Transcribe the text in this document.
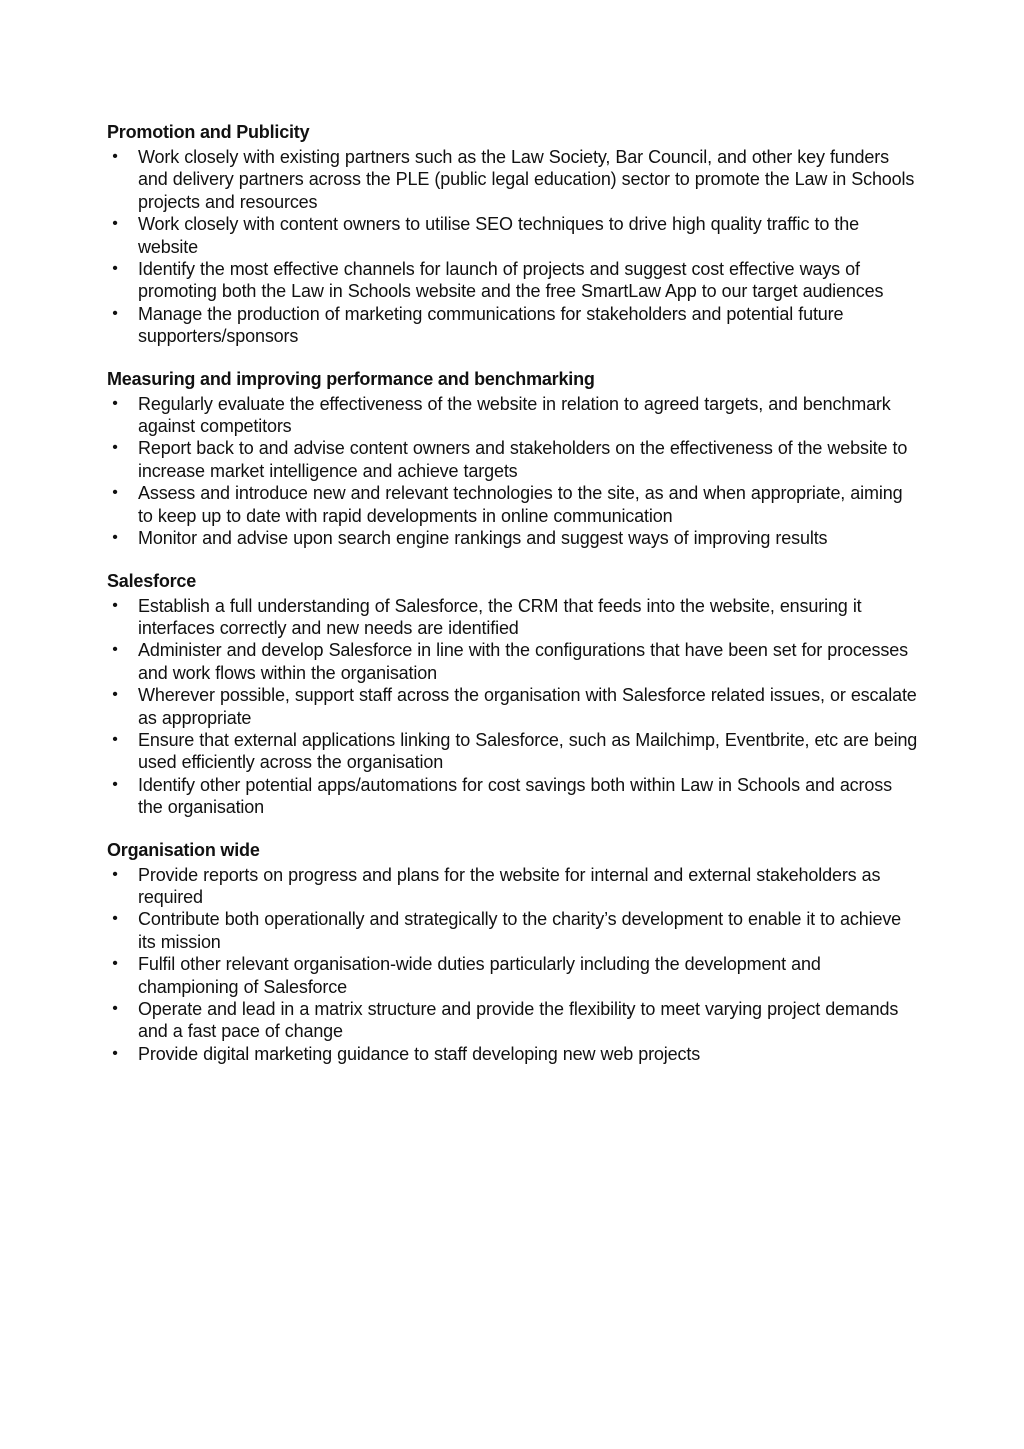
Promotion and Publicity
• Work closely with existing partners such as the Law Society, Bar Council, and other key funders and delivery partners across the PLE (public legal education) sector to promote the Law in Schools projects and resources
• Work closely with content owners to utilise SEO techniques to drive high quality traffic to the website
• Identify the most effective channels for launch of projects and suggest cost effective ways of promoting both the Law in Schools website and the free SmartLaw App to our target audiences
• Manage the production of marketing communications for stakeholders and potential future supporters/sponsors
Measuring and improving performance and benchmarking
• Regularly evaluate the effectiveness of the website in relation to agreed targets, and benchmark against competitors
• Report back to and advise content owners and stakeholders on the effectiveness of the website to increase market intelligence and achieve targets
• Assess and introduce new and relevant technologies to the site, as and when appropriate, aiming to keep up to date with rapid developments in online communication
• Monitor and advise upon search engine rankings and suggest ways of improving results
Salesforce
• Establish a full understanding of Salesforce, the CRM that feeds into the website, ensuring it interfaces correctly and new needs are identified
• Administer and develop Salesforce in line with the configurations that have been set for processes and work flows within the organisation
• Wherever possible, support staff across the organisation with Salesforce related issues, or escalate as appropriate
• Ensure that external applications linking to Salesforce, such as Mailchimp, Eventbrite, etc are being used efficiently across the organisation
• Identify other potential apps/automations for cost savings both within Law in Schools and across the organisation
Organisation wide
• Provide reports on progress and plans for the website for internal and external stakeholders as required
• Contribute both operationally and strategically to the charity’s development to enable it to achieve its mission
• Fulfil other relevant organisation-wide duties particularly including the development and championing of Salesforce
• Operate and lead in a matrix structure and provide the flexibility to meet varying project demands and a fast pace of change
• Provide digital marketing guidance to staff developing new web projects
